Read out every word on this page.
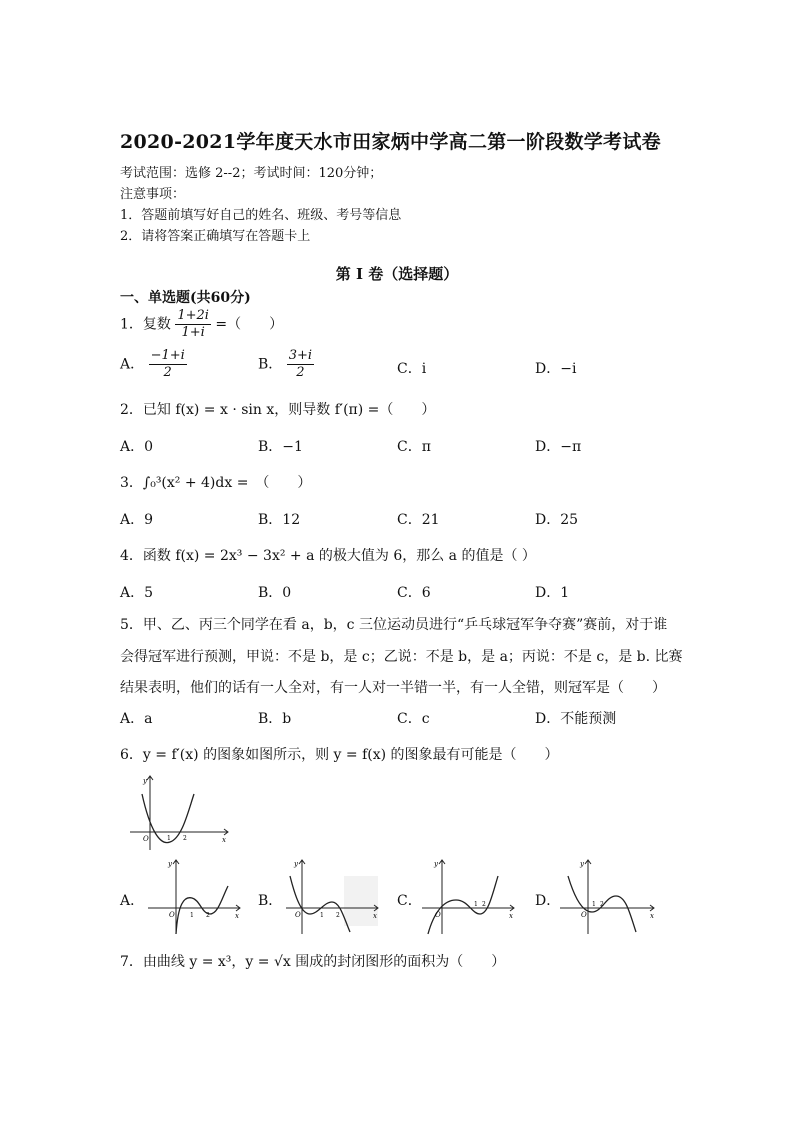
2020-2021学年度天水市田家炳中学高二第一阶段数学考试卷
考试范围：选修 2--2；考试时间：120分钟；
注意事项：
1．答题前填写好自己的姓名、班级、考号等信息
2．请将答案正确填写在答题卡上
第 I 卷（选择题）
一、单选题(共60分)
1．复数 $\frac{1+2i}{1+i}$ =（　　）
A． $\frac{-1+i}{2}$	B． $\frac{3+i}{2}$	C．i	D．−i
2．已知 f(x) = x · sin x，则导数 f′(π) =（　　）
A．0	B．−1	C．π	D．−π
3．∫₀³(x² + 4)dx =　（　　）
A．9	B．12	C．21	D．25
4．函数 f(x) = 2x³ − 3x² + a 的极大值为 6，那么 a 的值是（ ）
A．5	B．0	C．6	D．1
5．甲、乙、丙三个同学在看 a，b，c 三位运动员进行“乒乓球冠军争夺赛”赛前，对于谁
会得冠军进行预测，甲说：不是 b，是 c；乙说：不是 b，是 a；丙说：不是 c，是 b. 比赛
结果表明，他们的话有一人全对，有一人对一半错一半，有一人全错，则冠军是（　　）
A．a	B．b	C．c	D．不能预测
6．y = f′(x) 的图象如图所示，则 y = f(x) 的图象最有可能是（　　）
y
x
O	1 2
A．	B．	C．	D．
y
x
O	1 2
y
x
O	1 2
y
x
O
1 2
y
x
O
1 2
7．由曲线 y = x³，y = √x 围成的封闭图形的面积为（　　）
